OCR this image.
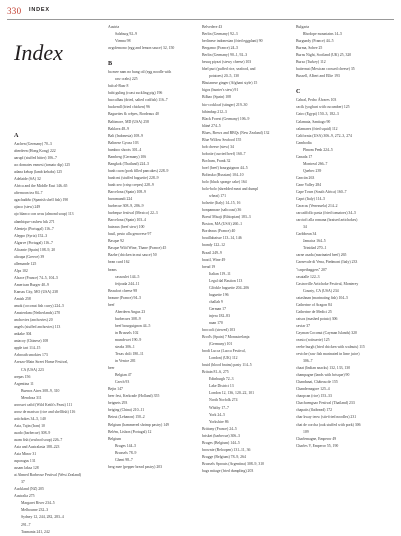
330 INDEX
Index
A
Aachen (Germany) 70–3
aberdeen (Hong Kong) 222
aarupl (stuffed bitter) 106–7
acı domates ezmesi (tomato dip) 125
adana kebap (lamb kebabs) 125
Adelaide (SA) 32
Africa and the Middle East 146–65
afternoon tea 84–7
agachadiño (Spanish shell fish) 190
ajiaco (stew) 249
ajo blanco con uvas (almond soup) 113
alambique-cashew hik 271
Alentejo (Portugal) 116–7
Aleppo (Syria) 152–3
Algarve (Portugal) 116–7
Alicante (Spain) 108–9, 20
alioupa (Greece) 39
allemande 125
Alps 102
Alsace (France) 74–5, 104–5
American Burger 40–9
Kansas City, MO (USA) 238
Amish 258
amok (coconut fish curry) 224–5
Amsterdam (Netherlands) 270
anchovies (anchovies) 20
angels (stuffed anchovies) 113
ankake 304
antacoy (Chinese) 108
apple tart 114–15
Arbroath smokies 173
Arezzo-Main Street Home Festival,
CA (USA) 223
arepas 156
Argentina 11
Buenos Aires 308–9, 310
Mendoza 311
arrosset cafid (Wild Keith's Feast) 111
arroz de marisco (rice and shellfish) 116
artichokes 34–5, 140
Asia, Tajin (Iran) 10
asado (barbecue) 308–9
asam fish (seafood soup) 226–7
Asia and Australasia 188–223
Asia Minor 31
asparagus 131
assam laksa 128
at Ahmed Barbecue Festival (West Zealand)
37
Auckland (NZ) 205
Australia 275
Margaret River 234–5
Melbourne 232–3
Sydney 12, 244, 282, 283–4
291–7
Tasmania 241, 242
Austria
Salzburg 92–9
Vienna 98
avgolemono (egg and lemon sauce) 32, 150
B
ba mee nam no bung oil (egg noodle with
raw crabs) 225
bab al-Bazr 8
babi guling (roast suckling pig) 196
baccalhau (dried, salted codfish) 116–7
backendl (fried chicken) 96
Baguettes & crêpes, Bordeaux 40
Baltimore, MD (USA) 258
Baklava 48–9
Bali (Indonesia) 108–9
Balinese Gyoza 103
bamboo shoots 301–4
Bamberg (Germany) 106
Bangkok (Thailand) 224–5
banh cuon (pork filled pancakes) 228–9
banh mi (stuffed baguette) 228–9
banh xeo (crisp crepes) 228–9
Barcelona (Spain) 108–9
barramundi 224
barbecue 308–9, 286–9
barbeque festival (Mexico) 22–3
Barcelona (Spain) 103–4
bateaux (beef stew) 100
basil, pesto alla genovese 97
Basque 92
Basque Wild Wine, Thane (France) 45
Bazhe (chicken in nut sauce) 50
bean curd 162
beans
cassoulet 144–5
feijoada 244–11
Beaufort cheese 98
beaune (France) 94–5
beef
Aberdeen Angus 23
barbecues 308–9
beef bourguignon 44–5
in Brussels 102
munchwet 190–9
steaks 306–1
Texas chili 180–11
in Venice 281
beer
Belgian 47
Czech 93
Bejin 147
beer fest, Kerkrade (Holland) 355
beignets 293
beiging (China) 210–11
Beirut (Lebanon) 150–2
Belgium (hammered shrimp pastry) 149
Belém, Lisbon (Portugal) 12
Belgium
Bruges 144–5
Brussels 78–9
Ghent 98–7
berg mee (pepper bread pastry) 203
Belvedere 43
Berlin (Germany) 92–3
berlinese indonesian (fried eggplant) 90
Bergamo (France) 24–5
Berlin (Germany) 90–1, 92–3
besuq piyazi (stewy cheese) 103
bhel puri (puffed rice, seafood, and
potatoes) 20–5, 130
Bhutanese ginger (Afghani style) 15
bigos (hunter's stew) 91
Bilbao (Spain) 108
bio-cockloaf (stinger) 219–30
bibimbap 212–3
Black Forest (Germany) 106–9
bläné 274–5
Blues, Brews and BBQs (New Zealand) 132
Blue Willow Seafood 155
bob cheese (stew) 34
bobotie (curried beef) 160–7
Bochum, Frank 32
boef (beef) bourguignon 44–5
Bolinsko (Russian) 104–10
bolo (black sponge cake) 164
bolo-bolo (shredded meat and dumpl
wheat) 171
bolsette (Italy) 14–15, 16
bonpannase (saltcoast) 36
Boeuf Misaji (Ethiopian) 183–3
Boston, MA (USA) 260–1
Bordeaux (France) 40
bouillabaisse 113–14, 146
brandy 122–12
Brazil 249–9
brazil, Wine 49
bread 19
Italian 119–11
Legal dal Bastion 113
Glöckle baguette 204–206
baguette 196
challah 9
German 17
injera 182–83
naan 170
broccoli (stewed) 103
Brod's (Spain) 7 Monastrelanja
(Germany) 101
brodi Lucca (Lucca Festival,
London) (UK) 112
bruid (blood brains) pasty 114–5
Britain 81–6, 275
Edinburgh 72–3
Lake District 13
London 12, 136, 120–22, 101
North Norfolk 274
Whitby 17–7
York 24–5
Yorkshire 86
Brittany (France) 24–5
brisket (barbecue) 306–3
Bruges (Belgium) 144–5
brownie (Beloopen) 131–11, 36
Brugge (Belgium) 78–9, 264
Brussels Sprouts (Argentina) 308–9, 310
bugs mitage (fried dumpling) 203
Bulgaria
Rhodope mountains 14–5
Burgundy (France) 44–5
Burma, Sohee 25
Burns Night, Scotland (UK) 25, 320
Bursa (Turkey) 112
butternut (Mexican crossed cheese) 35
Bussell, Albert and Ellie 193
C
Cabral, Pedro Álvares 103
cacík (yoghurt with cucumber) 125
Cairo (Egypt) 150–3, 182–3
Calamata, Santiago 90
calamares (fried squid) 112
California (USA) 306–9, 272–3, 274
Cambodia
Phnom Penh 224–5
Canada 17
Montreal 266–7
Quebec 239
Cancún 263
Cane Valley 284
Cape Town (South Africa) 160–7
Capri (Italy) 114–5
Caracas (Venezuela) 214–2
carcaiffollo pasta (fried tomatoes) 34–5
carciofi alla romana (braised artichokes)
34
Caribbean 34
Jamaica 164–5
Trinidad 270–1
carne asada (marinated beef) 265
Carnevale di Vena, Piedmont (Italy) 233
"carpetbaggers" 207
casatalle 122–3
Castroville Artichoke Festival, Monterey
County, CA (USA) 234
catashnan (marinating fish) 104–5
Catherine of Aragon 84
Catherine de Medici 25
catsos (mashed potato) 306
caviar 37
Cayman Coconut (Cayman Islands) 320
ceasto (rotisserie) 125
ceebe burgh (fried chicken with walnuts) 115
ceviche (raw fish marinated in lime juice)
306–7
chaat (Indian snacks) 132, 133, 130
champagne (lands with brisque) 90
Chandanai, Château de 155
Chandernagore 125–4
chaopcan (rice) 153–33
Chachoengsao Festival (Thailand) 233
chapatis (flatbread) 172
char kway teow (stir-fried noodles) 231
chat de corcha (oak stuffed with pork) 306
109
Charlemagne, Emperor 49
Charles V, Emperor 55, 190
